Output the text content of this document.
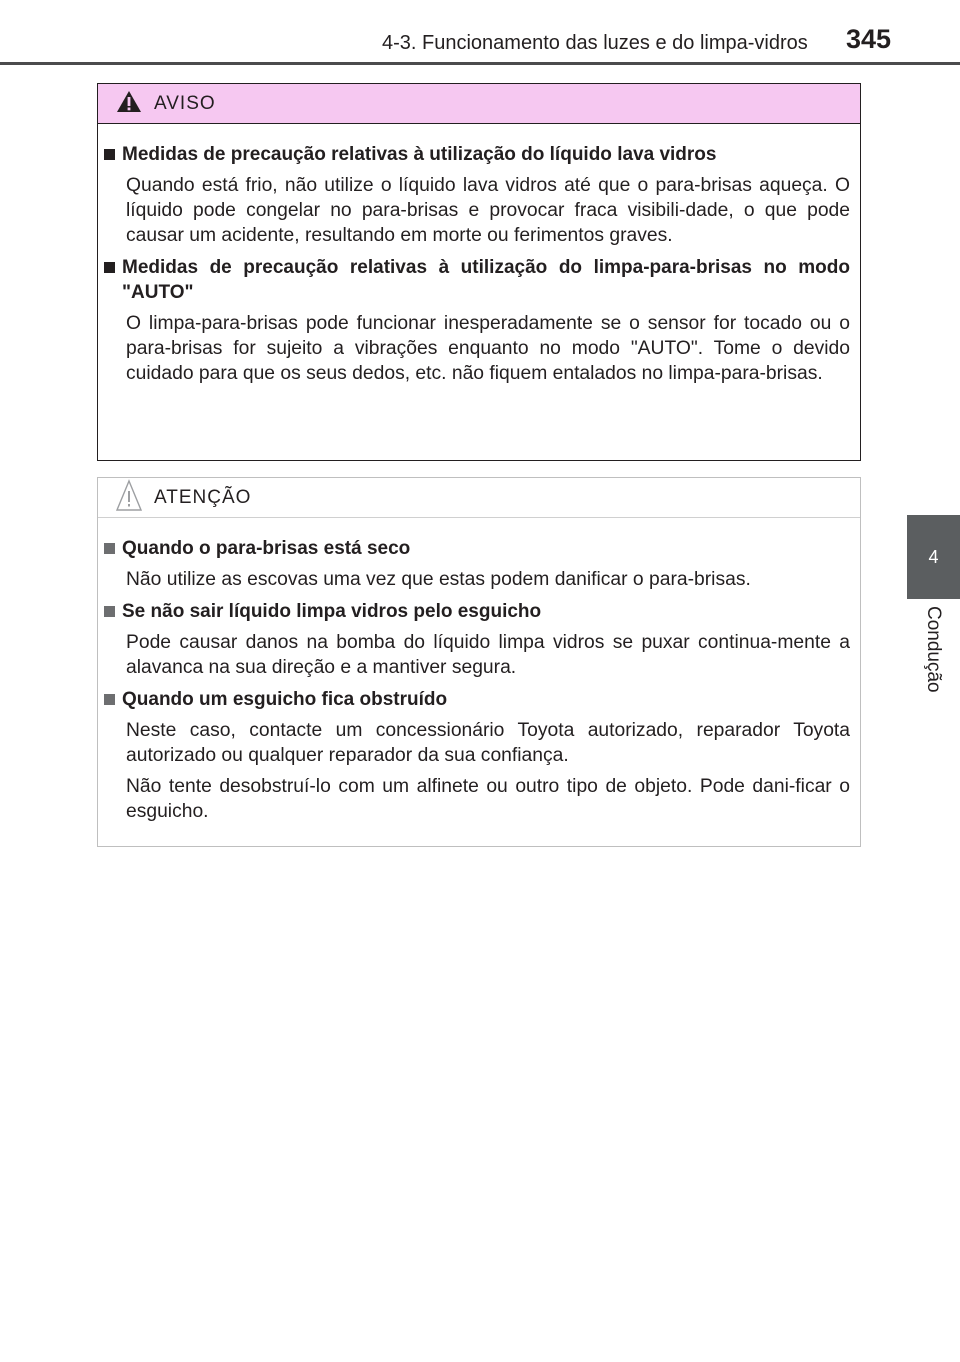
4-3. Funcionamento das luzes e do limpa-vidros 345
4
Condução
AVISO
Medidas de precaução relativas à utilização do líquido lava vidros

Quando está frio, não utilize o líquido lava vidros até que o para-brisas aqueça. O líquido pode congelar no para-brisas e provocar fraca visibili-dade, o que pode causar um acidente, resultando em morte ou ferimentos graves.

Medidas de precaução relativas à utilização do limpa-para-brisas no modo "AUTO"

O limpa-para-brisas pode funcionar inesperadamente se o sensor for tocado ou o para-brisas for sujeito a vibrações enquanto no modo "AUTO". Tome o devido cuidado para que os seus dedos, etc. não fiquem entalados no limpa-para-brisas.

ATENÇÃO
Quando o para-brisas está seco

Não utilize as escovas uma vez que estas podem danificar o para-brisas.

Se não sair líquido limpa vidros pelo esguicho

Pode causar danos na bomba do líquido limpa vidros se puxar continua-mente a alavanca na sua direção e a mantiver segura.

Quando um esguicho fica obstruído

Neste caso, contacte um concessionário Toyota autorizado, reparador Toyota autorizado ou qualquer reparador da sua confiança.

Não tente desobstruí-lo com um alfinete ou outro tipo de objeto. Pode dani-ficar o esguicho.
